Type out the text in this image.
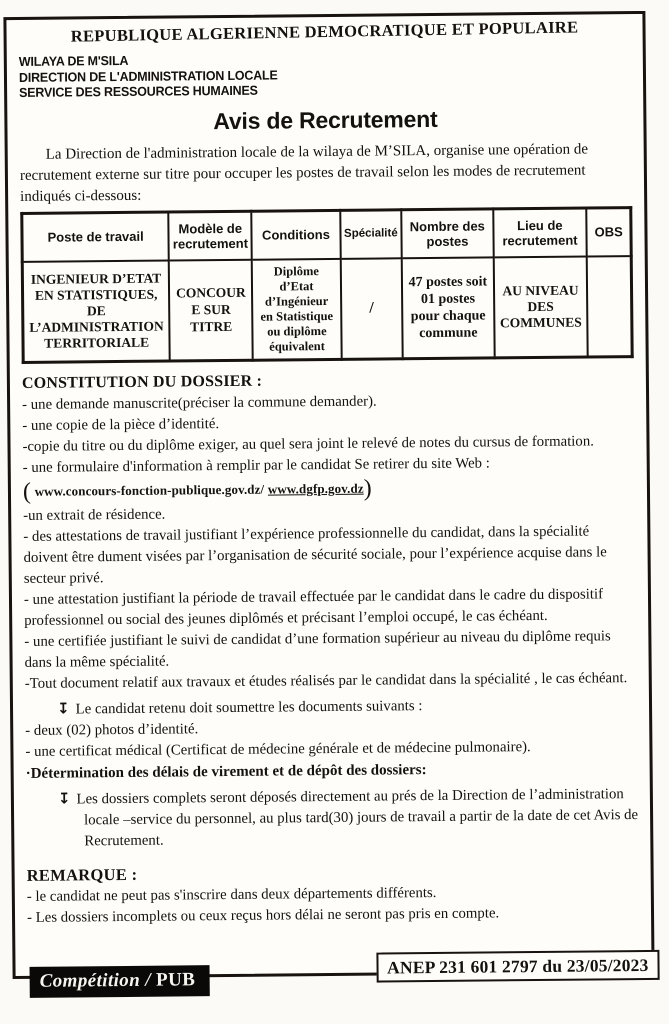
REPUBLIQUE ALGERIENNE DEMOCRATIQUE ET POPULAIRE
WILAYA DE M'SILA
DIRECTION DE L'ADMINISTRATION LOCALE
SERVICE DES RESSOURCES HUMAINES
Avis de Recrutement
La Direction de l'administration locale de la wilaya de M’SILA, organise une opération de recrutement externe sur titre pour occuper les postes de travail selon les modes de recrutement indiqués ci-dessous:
Poste de travail	Modèle de recrutement	Conditions	Spécialité	Nombre des postes	Lieu de recrutement	OBS
INGENIEUR D’ETAT EN STATISTIQUES, DE L’ADMINISTRATION TERRITORIALE	CONCOUR E SUR TITRE	Diplôme d’Etat d’Ingénieur en Statistique ou diplôme équivalent	/	47 postes soit 01 postes pour chaque commune	AU NIVEAU DES COMMUNES	
CONSTITUTION DU DOSSIER :
- une demande manuscrite(préciser la commune demander).
- une copie de la pièce d’identité.
-copie du titre ou du diplôme exiger, au quel sera joint le relevé de notes du cursus de formation.
- une formulaire d'information à remplir par le candidat Se retirer du site Web :
( www.concours-fonction-publique.gov.dz/ www.dgfp.gov.dz)
-un extrait de résidence.
- des attestations de travail justifiant l’expérience professionnelle du candidat, dans la spécialité doivent être dument visées par l’organisation de sécurité sociale, pour l’expérience acquise dans le secteur privé.
- une attestation justifiant la période de travail effectuée par le candidat dans le cadre du dispositif professionnel ou social des jeunes diplômés et précisant l’emploi occupé, le cas échéant.
- une certifiée justifiant le suivi de candidat d’une formation supérieur au niveau du diplôme requis dans la même spécialité.
-Tout document relatif aux travaux et études réalisés par le candidat dans la spécialité , le cas échéant.
↧ Le candidat retenu doit soumettre les documents suivants :
- deux (02) photos d’identité.
- une certificat médical (Certificat de médecine générale et de médecine pulmonaire).
·Détermination des délais de virement et de dépôt des dossiers:
↧ Les dossiers complets seront déposés directement au prés de la Direction de l’administration locale –service du personnel, au plus tard(30) jours de travail a partir de la date de cet Avis de Recrutement.
REMARQUE :
- le candidat ne peut pas s'inscrire dans deux départements différents.
- Les dossiers incomplets ou ceux reçus hors délai ne seront pas pris en compte.
Compétition / PUB
ANEP 231 601 2797 du 23/05/2023
